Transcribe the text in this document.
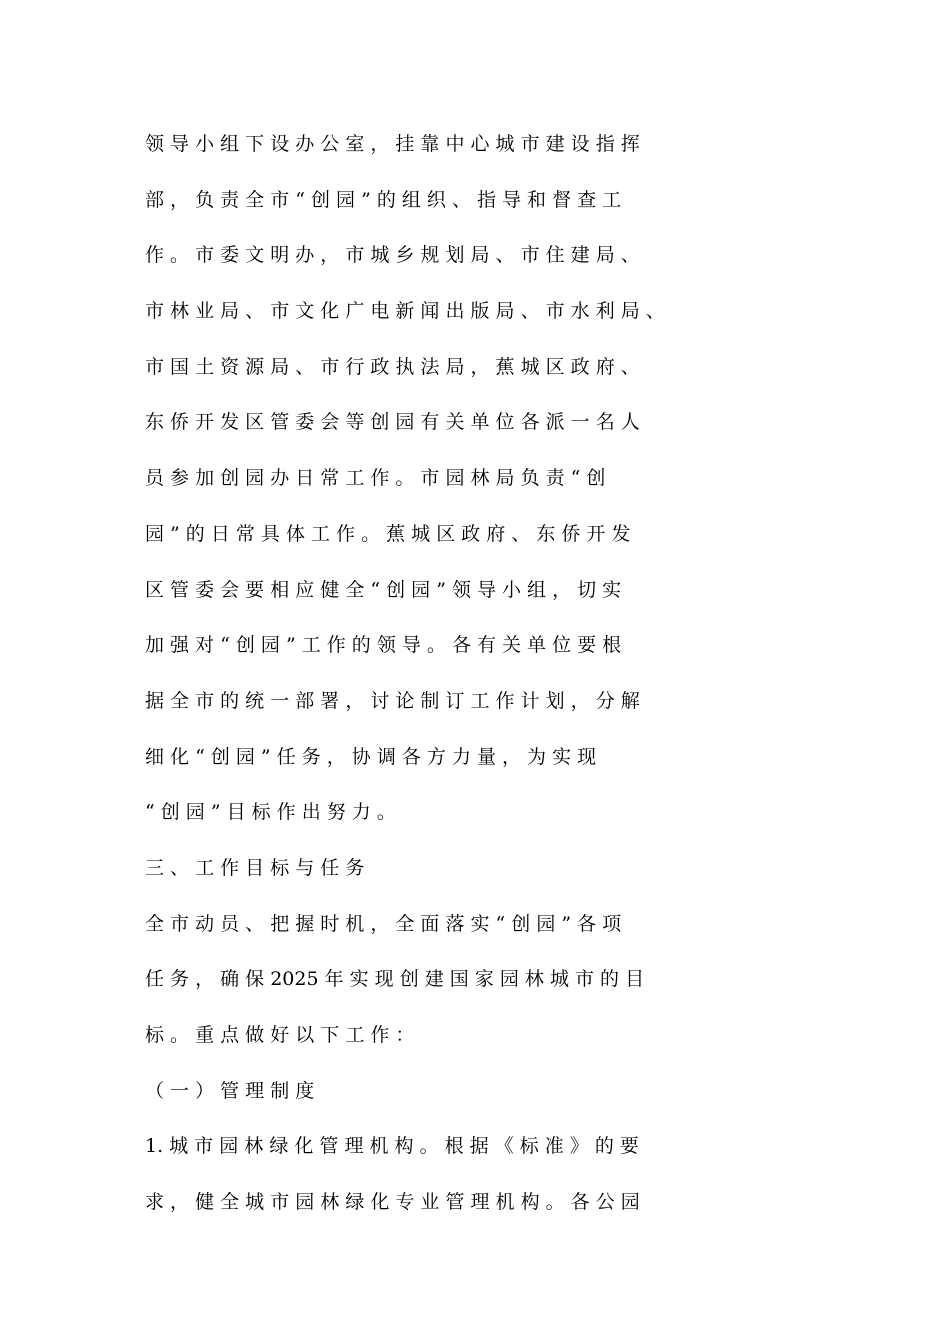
领 导 小 组 下 设 办 公 室 ， 挂 靠 中 心 城 市 建 设 指 挥
部 ， 负 责 全 市 “ 创 园 ” 的 组 织 、 指 导 和 督 查 工
作 。 市 委 文 明 办 ， 市 城 乡 规 划 局 、 市 住 建 局 、
市 林 业 局 、 市 文 化 广 电 新 闻 出 版 局 、 市 水 利 局 、
市 国 土 资 源 局 、 市 行 政 执 法 局 ， 蕉 城 区 政 府 、
东 侨 开 发 区 管 委 会 等 创 园 有 关 单 位 各 派 一 名 人
员 参 加 创 园 办 日 常 工 作 。 市 园 林 局 负 责 “ 创
园 ” 的 日 常 具 体 工 作 。 蕉 城 区 政 府 、 东 侨 开 发
区 管 委 会 要 相 应 健 全 “ 创 园 ” 领 导 小 组 ， 切 实
加 强 对 “ 创 园 ” 工 作 的 领 导 。 各 有 关 单 位 要 根
据 全 市 的 统 一 部 署 ， 讨 论 制 订 工 作 计 划 ， 分 解
细 化 “ 创 园 ” 任 务 ， 协 调 各 方 力 量 ， 为 实 现
“ 创 园 ” 目 标 作 出 努 力 。
三 、 工 作 目 标 与 任 务
全 市 动 员 、 把 握 时 机 ， 全 面 落 实 “ 创 园 ” 各 项
任 务 ， 确 保 2025 年 实 现 创 建 国 家 园 林 城 市 的 目
标 。 重 点 做 好 以 下 工 作 ：
（ 一 ） 管 理 制 度
1. 城 市 园 林 绿 化 管 理 机 构 。 根 据 《 标 准 》 的 要
求 ， 健 全 城 市 园 林 绿 化 专 业 管 理 机 构 。 各 公 园
